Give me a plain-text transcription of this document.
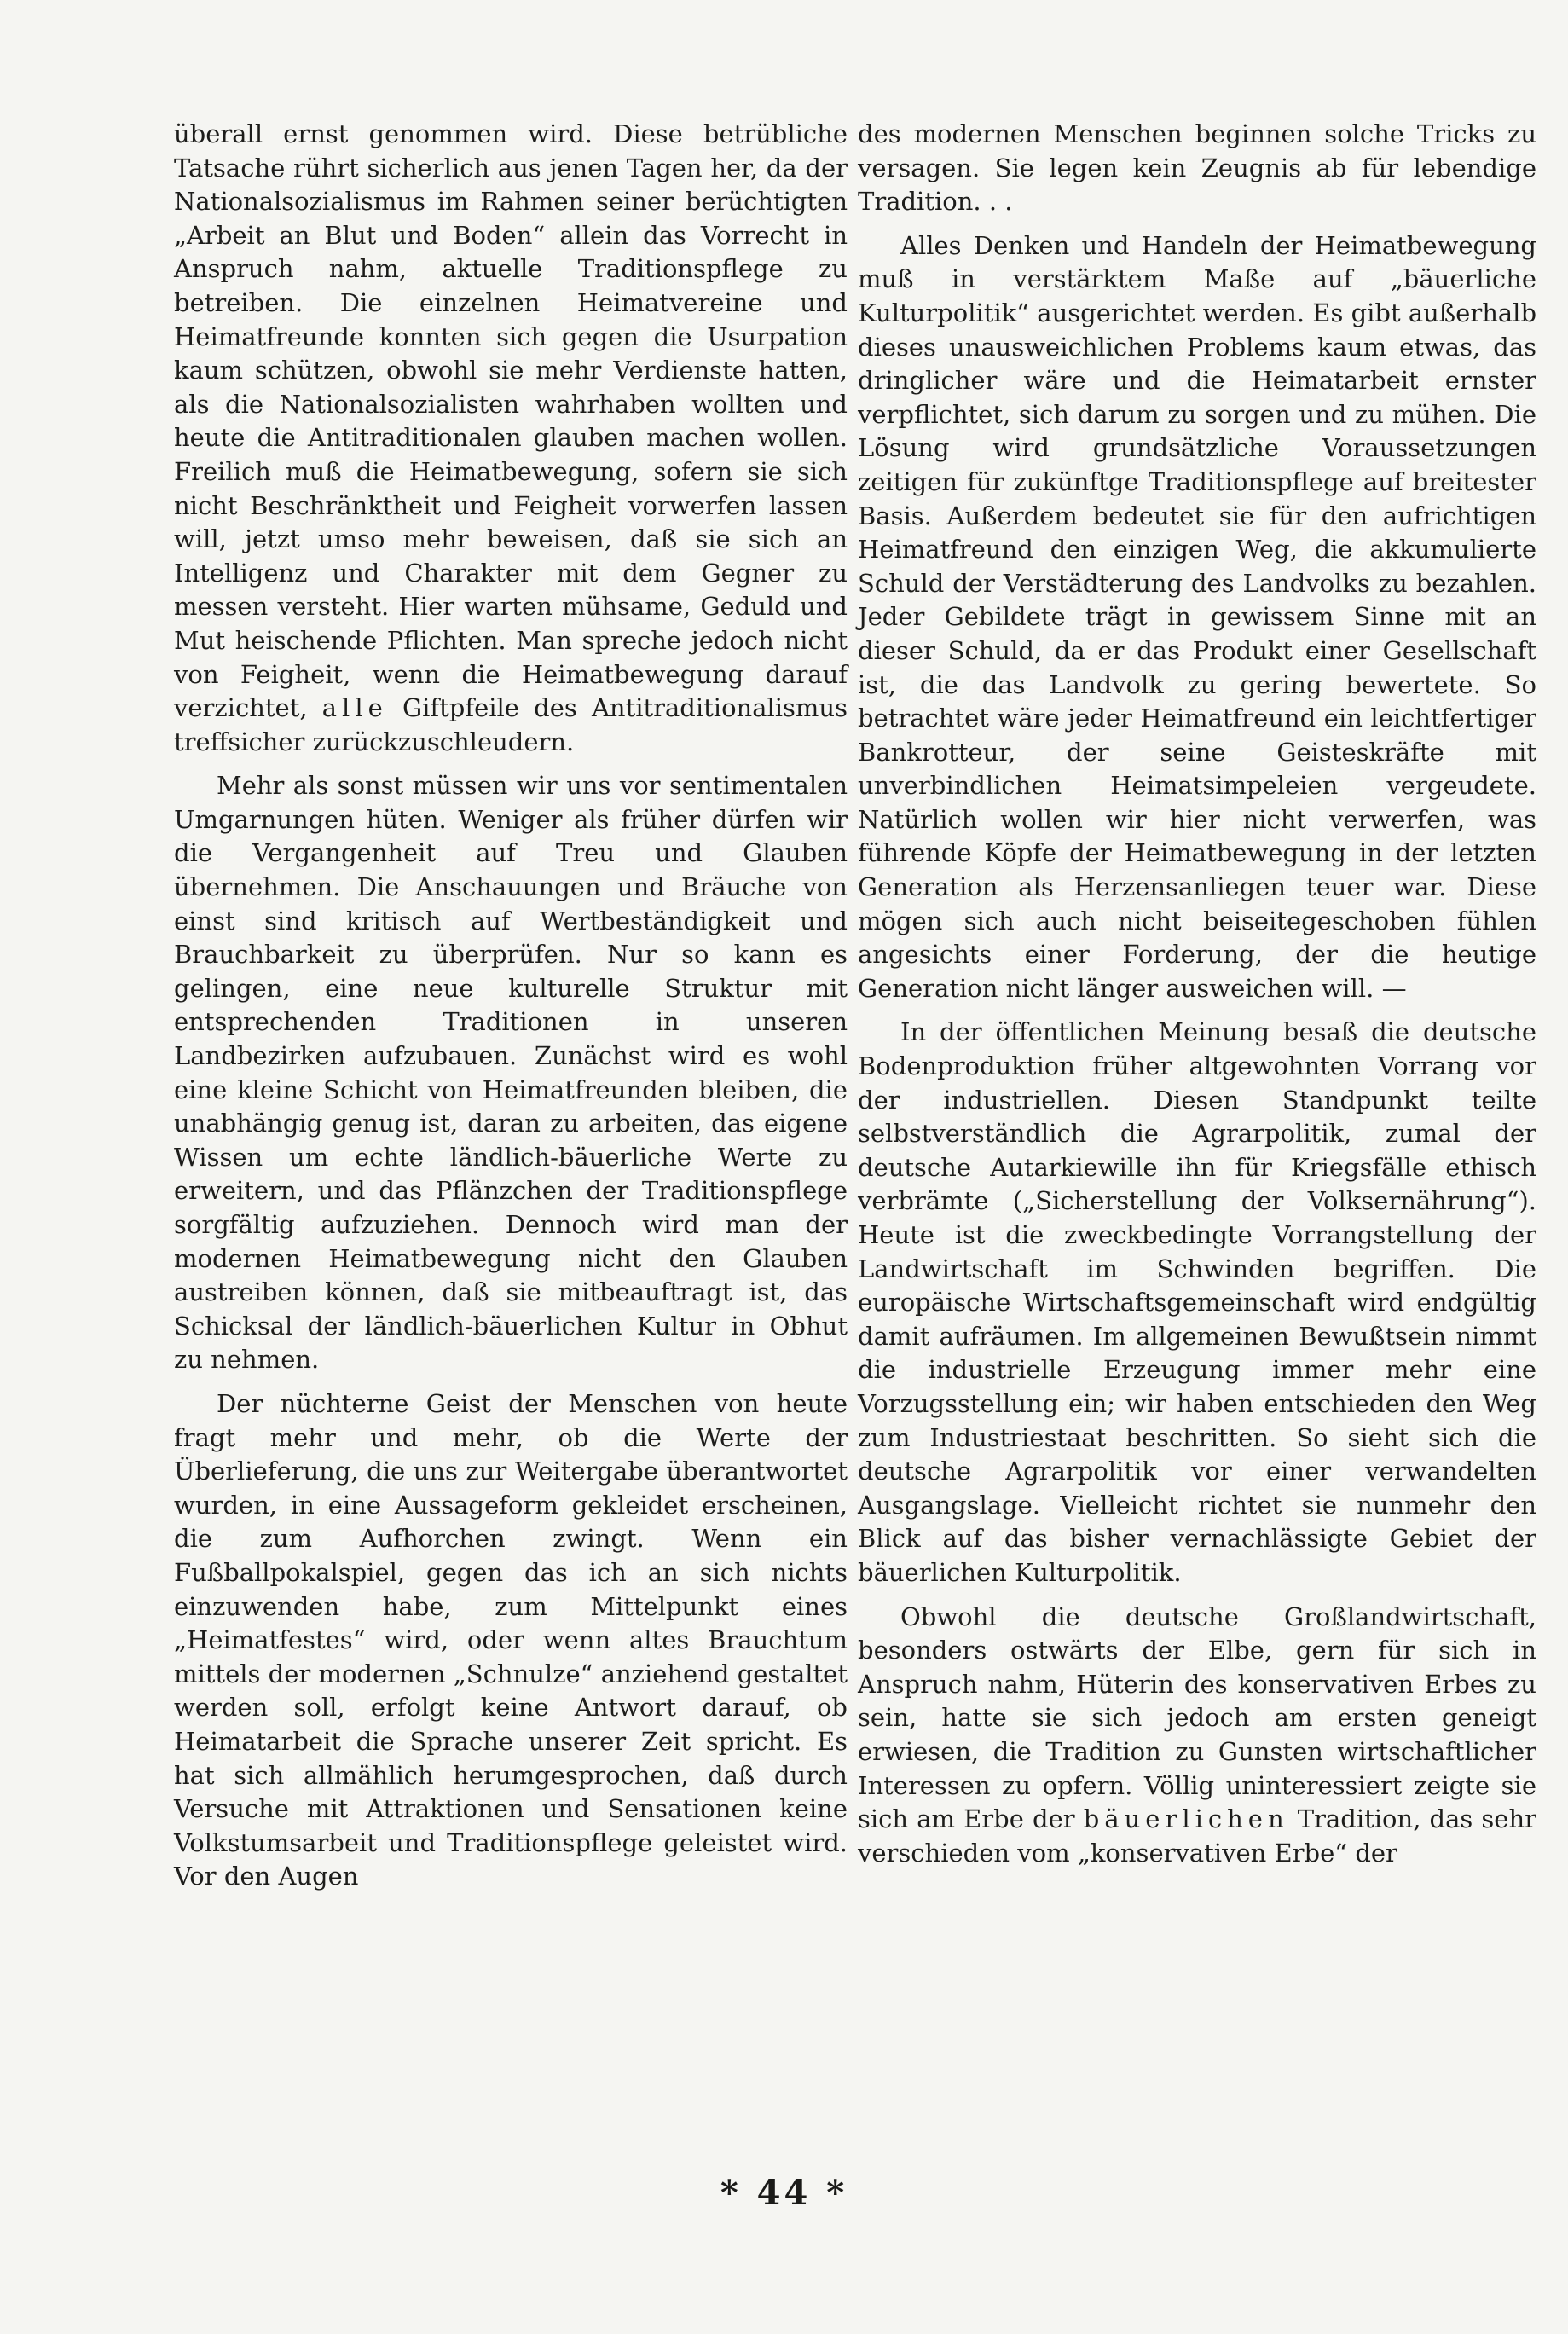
überall ernst genommen wird. Diese betrübliche Tatsache rührt sicherlich aus jenen Tagen her, da der Nationalsozialismus im Rahmen seiner berüchtigten „Arbeit an Blut und Boden“ allein das Vorrecht in Anspruch nahm, aktuelle Traditionspflege zu betreiben. Die einzelnen Heimatvereine und Heimatfreunde konnten sich gegen die Usurpation kaum schützen, obwohl sie mehr Verdienste hatten, als die Nationalsozialisten wahrhaben wollten und heute die Antitraditionalen glauben machen wollen. Freilich muß die Heimatbewegung, sofern sie sich nicht Beschränktheit und Feigheit vorwerfen lassen will, jetzt umso mehr beweisen, daß sie sich an Intelligenz und Charakter mit dem Gegner zu messen versteht. Hier warten mühsame, Geduld und Mut heischende Pflichten. Man spreche jedoch nicht von Feigheit, wenn die Heimatbewegung darauf verzichtet, alle Giftpfeile des Antitraditionalismus treffsicher zurückzuschleudern.

Mehr als sonst müssen wir uns vor sentimentalen Umgarnungen hüten. Weniger als früher dürfen wir die Vergangenheit auf Treu und Glauben übernehmen. Die Anschauungen und Bräuche von einst sind kritisch auf Wertbeständigkeit und Brauchbarkeit zu überprüfen. Nur so kann es gelingen, eine neue kulturelle Struktur mit entsprechenden Traditionen in unseren Landbezirken aufzubauen. Zunächst wird es wohl eine kleine Schicht von Heimatfreunden bleiben, die unabhängig genug ist, daran zu arbeiten, das eigene Wissen um echte ländlich-bäuerliche Werte zu erweitern, und das Pflänzchen der Traditionspflege sorgfältig aufzuziehen. Dennoch wird man der modernen Heimatbewegung nicht den Glauben austreiben können, daß sie mitbeauftragt ist, das Schicksal der ländlich-bäuerlichen Kultur in Obhut zu nehmen.

Der nüchterne Geist der Menschen von heute fragt mehr und mehr, ob die Werte der Überlieferung, die uns zur Weitergabe überantwortet wurden, in eine Aussageform gekleidet erscheinen, die zum Aufhorchen zwingt. Wenn ein Fußballpokalspiel, gegen das ich an sich nichts einzuwenden habe, zum Mittelpunkt eines „Heimatfestes“ wird, oder wenn altes Brauchtum mittels der modernen „Schnulze“ anziehend gestaltet werden soll, erfolgt keine Antwort darauf, ob Heimatarbeit die Sprache unserer Zeit spricht. Es hat sich allmählich herumgesprochen, daß durch Versuche mit Attraktionen und Sensationen keine Volkstumsarbeit und Traditionspflege geleistet wird. Vor den Augen

des modernen Menschen beginnen solche Tricks zu versagen. Sie legen kein Zeugnis ab für lebendige Tradition. . .

Alles Denken und Handeln der Heimatbewegung muß in verstärktem Maße auf „bäuerliche Kulturpolitik“ ausgerichtet werden. Es gibt außerhalb dieses unausweichlichen Problems kaum etwas, das dringlicher wäre und die Heimatarbeit ernster verpflichtet, sich darum zu sorgen und zu mühen. Die Lösung wird grundsätzliche Voraussetzungen zeitigen für zukünftge Traditionspflege auf breitester Basis. Außerdem bedeutet sie für den aufrichtigen Heimatfreund den einzigen Weg, die akkumulierte Schuld der Verstädterung des Landvolks zu bezahlen. Jeder Gebildete trägt in gewissem Sinne mit an dieser Schuld, da er das Produkt einer Gesellschaft ist, die das Landvolk zu gering bewertete. So betrachtet wäre jeder Heimatfreund ein leichtfertiger Bankrotteur, der seine Geisteskräfte mit unverbindlichen Heimatsimpeleien vergeudete. Natürlich wollen wir hier nicht verwerfen, was führende Köpfe der Heimatbewegung in der letzten Generation als Herzensanliegen teuer war. Diese mögen sich auch nicht beiseitegeschoben fühlen angesichts einer Forderung, der die heutige Generation nicht länger ausweichen will. —

In der öffentlichen Meinung besaß die deutsche Bodenproduktion früher altgewohnten Vorrang vor der industriellen. Diesen Standpunkt teilte selbstverständlich die Agrarpolitik, zumal der deutsche Autarkiewille ihn für Kriegsfälle ethisch verbrämte („Sicherstellung der Volksernährung“). Heute ist die zweckbedingte Vorrangstellung der Landwirtschaft im Schwinden begriffen. Die europäische Wirtschaftsgemeinschaft wird endgültig damit aufräumen. Im allgemeinen Bewußtsein nimmt die industrielle Erzeugung immer mehr eine Vorzugsstellung ein; wir haben entschieden den Weg zum Industriestaat beschritten. So sieht sich die deutsche Agrarpolitik vor einer verwandelten Ausgangslage. Vielleicht richtet sie nunmehr den Blick auf das bisher vernachlässigte Gebiet der bäuerlichen Kulturpolitik.

Obwohl die deutsche Großlandwirtschaft, besonders ostwärts der Elbe, gern für sich in Anspruch nahm, Hüterin des konservativen Erbes zu sein, hatte sie sich jedoch am ersten geneigt erwiesen, die Tradition zu Gunsten wirtschaftlicher Interessen zu opfern. Völlig uninteressiert zeigte sie sich am Erbe der bäuerlichen Tradition, das sehr verschieden vom „konservativen Erbe“ der

* 44 *
